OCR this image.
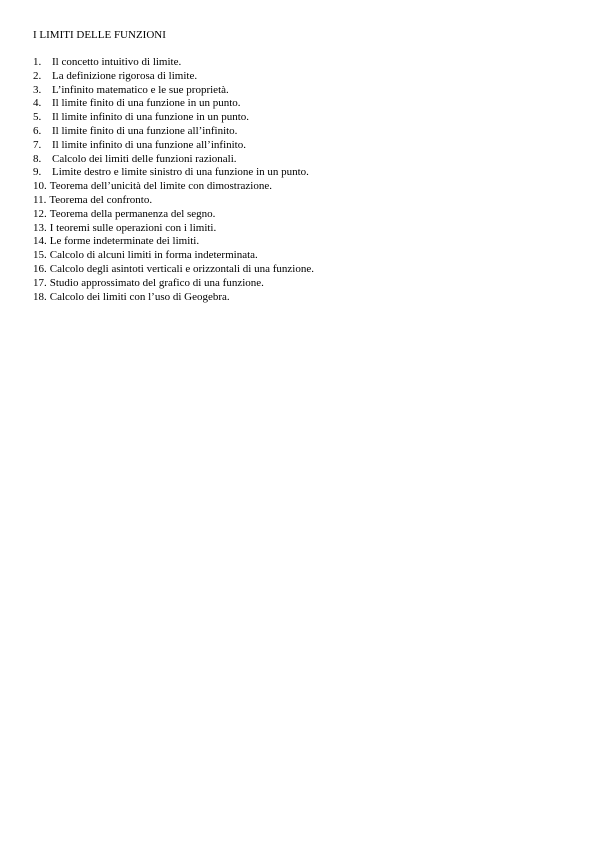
I LIMITI DELLE FUNZIONI
1. Il concetto intuitivo di limite.
2. La definizione rigorosa di limite.
3. L’infinito matematico e le sue proprietà.
4. Il limite finito di una funzione in un punto.
5. Il limite infinito di una funzione in un punto.
6. Il limite finito di una funzione all’infinito.
7. Il limite infinito di una funzione all’infinito.
8. Calcolo dei limiti delle funzioni razionali.
9. Limite destro e limite sinistro di una funzione in un punto.
10. Teorema dell’unicità del limite con dimostrazione.
11. Teorema del confronto.
12. Teorema della permanenza del segno.
13. I teoremi sulle operazioni con i limiti.
14. Le forme indeterminate dei limiti.
15. Calcolo di alcuni limiti in forma indeterminata.
16. Calcolo degli asintoti verticali e orizzontali di una funzione.
17. Studio approssimato del grafico di una funzione.
18. Calcolo dei limiti con l’uso di Geogebra.
